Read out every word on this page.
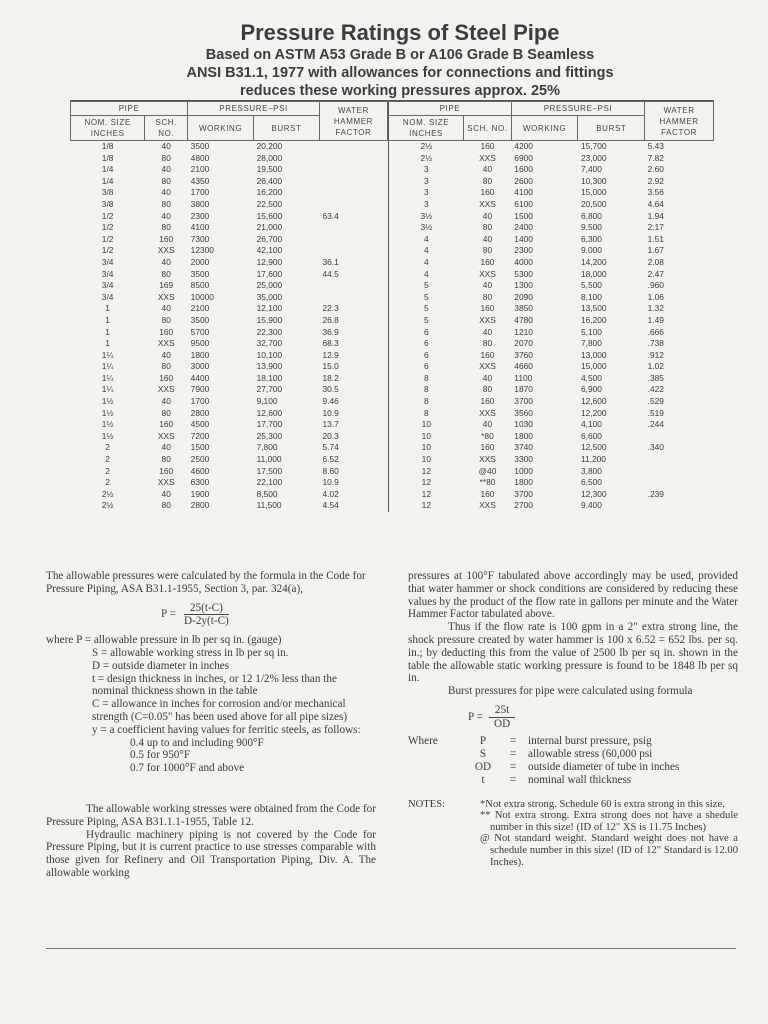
Pressure Ratings of Steel Pipe
Based on ASTM A53 Grade B or A106 Grade B Seamless
ANSI B31.1, 1977 with allowances for connections and fittings
reduces these working pressures approx. 25%
PIPE		PRESSURE–PSI		WATER HAMMER FACTOR
NOM. SIZE INCHES	SCH. NO.	WORKING	BURST	
1/8	40	3500	20,200	
1/8	80	4800	28,000	
1/4	40	2100	19,500	
1/4	80	4350	26,400	
3/8	40	1700	16,200	
3/8	80	3800	22,500	
1/2	40	2300	15,600	63.4
1/2	80	4100	21,000	
1/2	160	7300	26,700	
1/2	XXS	12300	42,100	
3/4	40	2000	12,900	36.1
3/4	80	3500	17,600	44.5
3/4	169	8500	25,000	
3/4	XXS	10000	35,000	
1	40	2100	12,100	22.3
1	80	3500	15,900	26.8
1	160	5700	22,300	36.9
1	XXS	9500	32,700	68.3
1¼	40	1800	10,100	12.9
1¼	80	3000	13,900	15.0
1¼	160	4400	18,100	18.2
1¼	XXS	7900	27,700	30.5
1½	40	1700	9,100	9.46
1½	80	2800	12,600	10.9
1½	160	4500	17,700	13.7
1½	XXS	7200	25,300	20.3
2	40	1500	7,800	5.74
2	80	2500	11,000	6.52
2	160	4600	17,500	8.60
2	XXS	6300	22,100	10.9
2½	40	1900	8,500	4.02
2½	80	2800	11,500	4.54
PIPE		PRESSURE–PSI		WATER HAMMER FACTOR
NOM. SIZE INCHES	SCH. NO.	WORKING	BURST	
2½	160	4200	15,700	5.43
2½	XXS	6900	23,000	7.82
3	40	1600	7,400	2.60
3	80	2600	10,300	2.92
3	160	4100	15,000	3.56
3	XXS	6100	20,500	4.64
3½	40	1500	6,800	1.94
3½	80	2400	9,500	2.17
4	40	1400	6,300	1.51
4	80	2300	9,000	1.67
4	160	4000	14,200	2.08
4	XXS	5300	18,000	2.47
5	40	1300	5,500	.960
5	80	2090	8,100	1.06
5	160	3850	13,500	1.32
5	XXS	4780	16,200	1.49
6	40	1210	5,100	.666
6	80	2070	7,800	.738
6	160	3760	13,000	.912
6	XXS	4660	15,000	1.02
8	40	1100	4,500	.385
8	80	1870	6,900	.422
8	160	3700	12,600	.529
8	XXS	3560	12,200	.519
10	40	1030	4,100	.244
10	*80	1800	6,600	
10	160	3740	12,500	.340
10	XXS	3300	11,200	
12	@40	1000	3,800	
12	**80	1800	6,500	
12	160	3700	12,300	.239
12	XXS	2700	9,400	

The allowable pressures were calculated by the formula in the Code for Pressure Piping, ASA B31.1-1955, Section 3, par. 324(a),

$P = \frac{25(t-C)}{D-2y(t-C)}$
where P = allowable pressure in lb per sq in. (gauge)
S = allowable working stress in lb per sq in.
D = outside diameter in inches
t = design thickness in inches, or 12 1/2% less than the nominal thickness shown in the table
C = allowance in inches for corrosion and/or mechanical strength (C=0.05" has been used above for all pipe sizes)
y = a coefficient having values for ferritic steels, as follows:
0.4 up to and including 900°F
0.5 for 950°F
0.7 for 1000°F and above

The allowable working stresses were obtained from the Code for Pressure Piping, ASA B31.1.1-1955, Table 12.

Hydraulic machinery piping is not covered by the Code for Pressure Piping, but it is current practice to use stresses comparable with those given for Refinery and Oil Transportation Piping, Div. A. The allowable working

pressures at 100°F tabulated above accordingly may be used, provided that water hammer or shock conditions are considered by reducing these values by the product of the flow rate in gallons per minute and the Water Hammer Factor tabulated above.

Thus if the flow rate is 100 gpm in a 2" extra strong line, the shock pressure created by water hammer is 100 x 6.52 = 652 lbs. per sq. in.; by deducting this from the value of 2500 lb per sq in. shown in the table the allowable static working pressure is found to be 1848 lb per sq in.

Burst pressures for pipe were calculated using formula

$P = \frac{25t}{OD}$
Where	P	=	internal burst pressure, psig
S	=	allowable stress (60,000 psi
OD	=	outside diameter of tube in inches
t	=	nominal wall thickness
NOTES:	*Not extra strong. Schedule 60 is extra strong in this size.
** Not extra strong. Extra strong does not have a shedule number in this size! (ID of 12" XS is 11.75 Inches)
@ Not standard weight. Standard weight does not have a schedule number in this size! (ID of 12" Standard is 12.00 Inches).
